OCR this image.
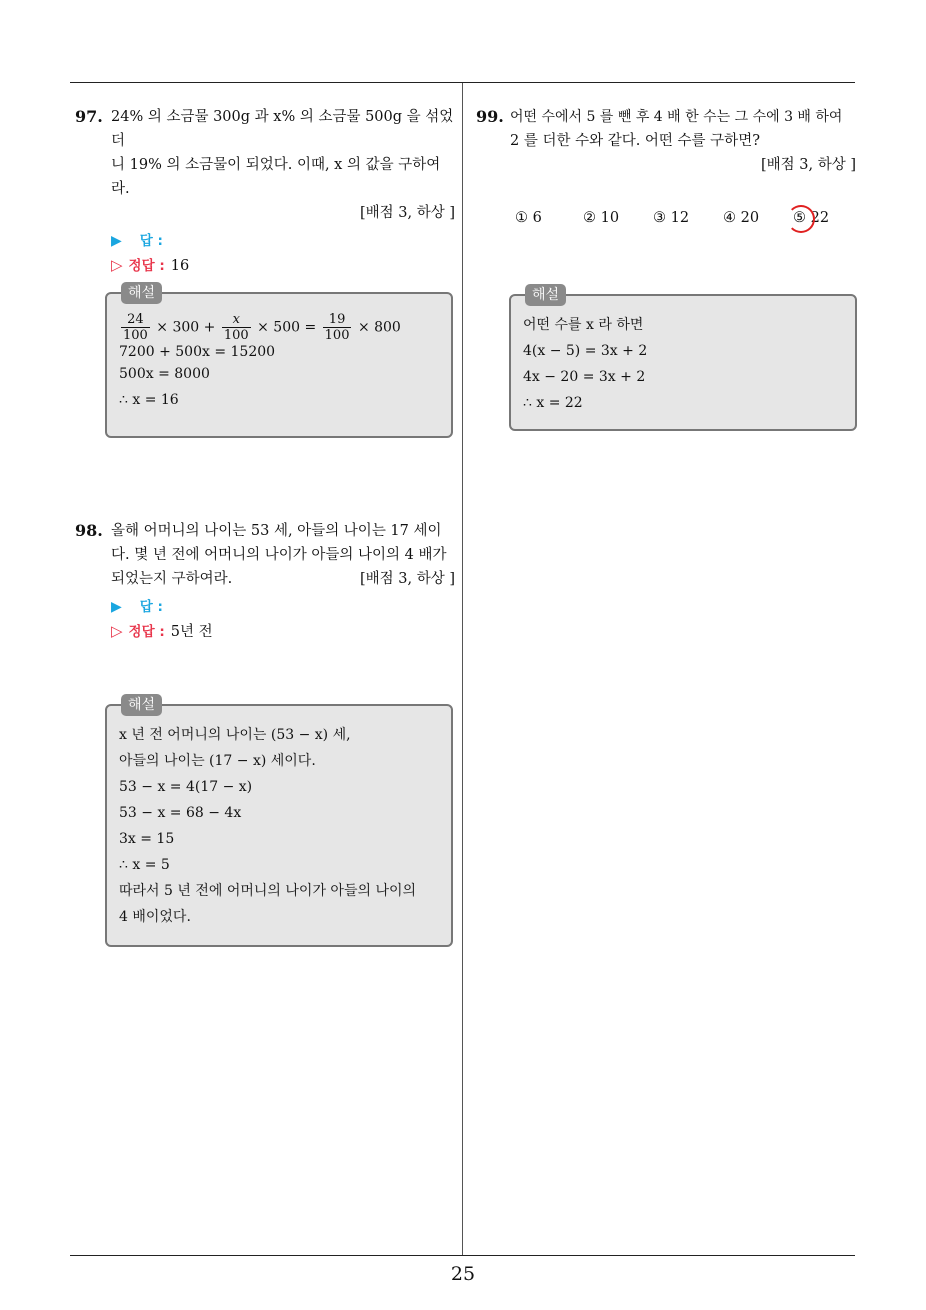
25
97. 24% 의 소금물 300g 과 x% 의 소금물 500g 을 섞었더
니 19% 의 소금물이 되었다. 이때, x 의 값을 구하여라.
[배점 3, 하상 ]
▶ 답 :
▷ 정답 : 16
해설
$\frac{24}{100} \times 300 + \frac{x}{100} \times 500 = \frac{19}{100} \times 800$
7200 + 500x = 15200
500x = 8000
∴ x = 16
98. 올해 어머니의 나이는 53 세, 아들의 나이는 17 세이
다. 몇 년 전에 어머니의 나이가 아들의 나이의 4 배가
되었는지 구하여라.	[배점 3, 하상 ]
▶ 답 :
▷ 정답 : 5년 전
해설
x 년 전 어머니의 나이는 (53 − x) 세,
아들의 나이는 (17 − x) 세이다.
53 − x = 4(17 − x)
53 − x = 68 − 4x
3x = 15
∴ x = 5
따라서 5 년 전에 어머니의 나이가 아들의 나이의
4 배이었다.
99. 어떤 수에서 5 를 뺀 후 4 배 한 수는 그 수에 3 배 하여
2 를 더한 수와 같다. 어떤 수를 구하면?
[배점 3, 하상 ]
① 6	② 10 ③ 12 ④ 20 ⑤ 22
해설
어떤 수를 x 라 하면
4(x − 5) = 3x + 2
4x − 20 = 3x + 2
∴ x = 22
